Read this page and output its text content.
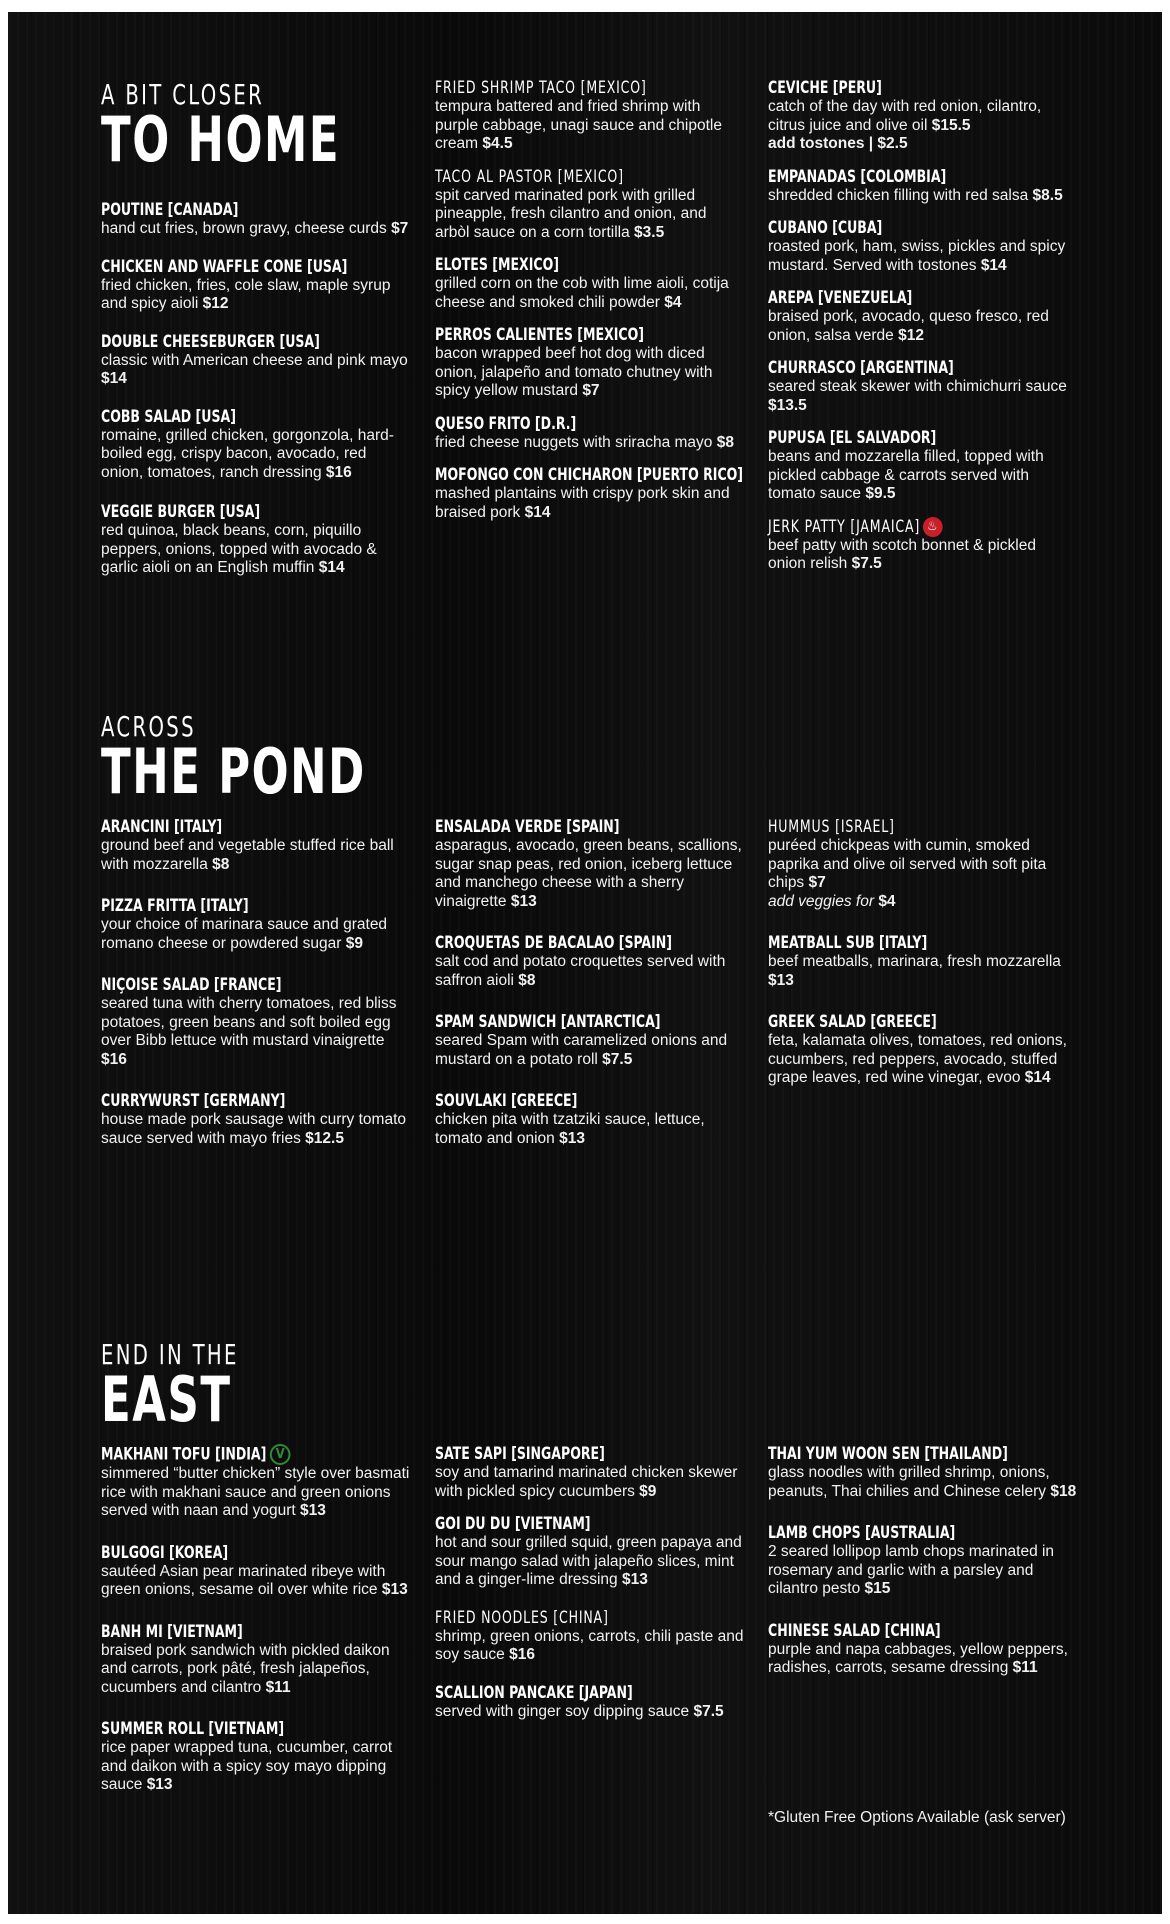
A BIT CLOSER
TO HOME
POUTINE [CANADA]
hand cut fries, brown gravy, cheese curds $7
CHICKEN AND WAFFLE CONE [USA]
fried chicken, fries, cole slaw, maple syrup and spicy aioli $12
DOUBLE CHEESEBURGER [USA]
classic with American cheese and pink mayo $14
COBB SALAD [USA]
romaine, grilled chicken, gorgonzola, hard-boiled egg, crispy bacon, avocado, red onion, tomatoes, ranch dressing $16
VEGGIE BURGER [USA]
red quinoa, black beans, corn, piquillo peppers, onions, topped with avocado & garlic aioli on an English muffin $14
FRIED SHRIMP TACO [MEXICO]
tempura battered and fried shrimp with purple cabbage, unagi sauce and chipotle cream $4.5
TACO AL PASTOR [MEXICO]
spit carved marinated pork with grilled pineapple, fresh cilantro and onion, and arbòl sauce on a corn tortilla $3.5
ELOTES [MEXICO]
grilled corn on the cob with lime aioli, cotija cheese and smoked chili powder $4
PERROS CALIENTES [MEXICO]
bacon wrapped beef hot dog with diced onion, jalapeño and tomato chutney with spicy yellow mustard $7
QUESO FRITO [D.R.]
fried cheese nuggets with sriracha mayo $8
MOFONGO CON CHICHARON [PUERTO RICO]
mashed plantains with crispy pork skin and braised pork $14
CEVICHE [PERU]
catch of the day with red onion, cilantro, citrus juice and olive oil $15.5
add tostones | $2.5
EMPANADAS [COLOMBIA]
shredded chicken filling with red salsa $8.5
CUBANO [CUBA]
roasted pork, ham, swiss, pickles and spicy mustard. Served with tostones $14
AREPA [VENEZUELA]
braised pork, avocado, queso fresco, red onion, salsa verde $12
CHURRASCO [ARGENTINA]
seared steak skewer with chimichurri sauce $13.5
PUPUSA [EL SALVADOR]
beans and mozzarella filled, topped with pickled cabbage & carrots served with tomato sauce $9.5
JERK PATTY [JAMAICA] ♨
beef patty with scotch bonnet & pickled onion relish $7.5
ACROSS
THE POND
ARANCINI [ITALY]
ground beef and vegetable stuffed rice ball with mozzarella $8
PIZZA FRITTA [ITALY]
your choice of marinara sauce and grated romano cheese or powdered sugar $9
NIÇOISE SALAD [FRANCE]
seared tuna with cherry tomatoes, red bliss potatoes, green beans and soft boiled egg over Bibb lettuce with mustard vinaigrette $16
CURRYWURST [GERMANY]
house made pork sausage with curry tomato sauce served with mayo fries $12.5
ENSALADA VERDE [SPAIN]
asparagus, avocado, green beans, scallions, sugar snap peas, red onion, iceberg lettuce and manchego cheese with a sherry vinaigrette $13
CROQUETAS DE BACALAO [SPAIN]
salt cod and potato croquettes served with saffron aioli $8
SPAM SANDWICH [ANTARCTICA]
seared Spam with caramelized onions and mustard on a potato roll $7.5
SOUVLAKI [GREECE]
chicken pita with tzatziki sauce, lettuce, tomato and onion $13
HUMMUS [ISRAEL]
puréed chickpeas with cumin, smoked paprika and olive oil served with soft pita chips $7
add veggies for $4
MEATBALL SUB [ITALY]
beef meatballs, marinara, fresh mozzarella $13
GREEK SALAD [GREECE]
feta, kalamata olives, tomatoes, red onions, cucumbers, red peppers, avocado, stuffed grape leaves, red wine vinegar, evoo $14
END IN THE
EAST
MAKHANI TOFU [INDIA] V
simmered “butter chicken” style over basmati rice with makhani sauce and green onions served with naan and yogurt $13
BULGOGI [KOREA]
sautéed Asian pear marinated ribeye with green onions, sesame oil over white rice $13
BANH MI [VIETNAM]
braised pork sandwich with pickled daikon and carrots, pork pâté, fresh jalapeños, cucumbers and cilantro $11
SUMMER ROLL [VIETNAM]
rice paper wrapped tuna, cucumber, carrot and daikon with a spicy soy mayo dipping sauce $13
SATE SAPI [SINGAPORE]
soy and tamarind marinated chicken skewer with pickled spicy cucumbers $9
GOI DU DU [VIETNAM]
hot and sour grilled squid, green papaya and sour mango salad with jalapeño slices, mint and a ginger-lime dressing $13
FRIED NOODLES [CHINA]
shrimp, green onions, carrots, chili paste and soy sauce $16
SCALLION PANCAKE [JAPAN]
served with ginger soy dipping sauce $7.5
THAI YUM WOON SEN [THAILAND]
glass noodles with grilled shrimp, onions, peanuts, Thai chilies and Chinese celery $18
LAMB CHOPS [AUSTRALIA]
2 seared lollipop lamb chops marinated in rosemary and garlic with a parsley and cilantro pesto $15
CHINESE SALAD [CHINA]
purple and napa cabbages, yellow peppers, radishes, carrots, sesame dressing $11
*Gluten Free Options Available (ask server)
